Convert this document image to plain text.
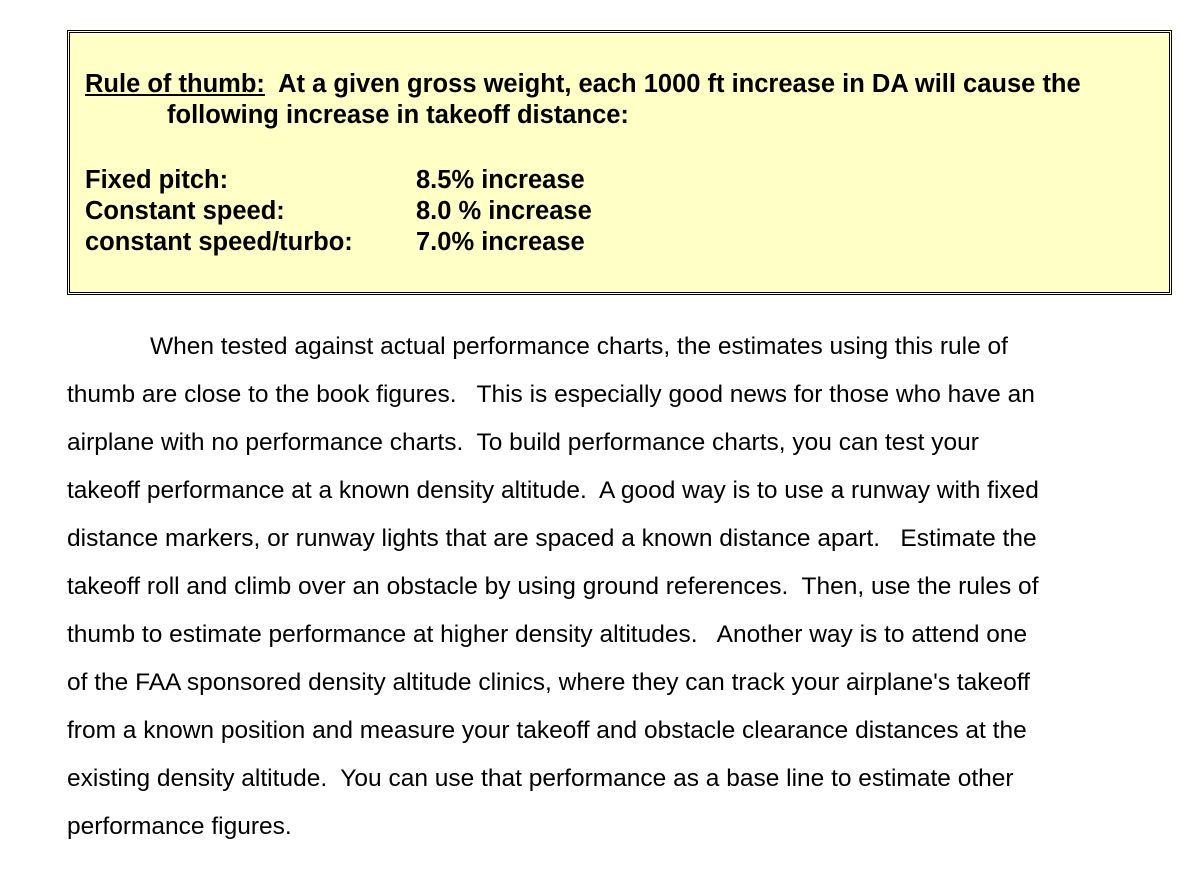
Rule of thumb:  At a given gross weight, each 1000 ft increase in DA will cause the
following increase in takeoff distance:
Fixed pitch:	8.5% increase
Constant speed:	8.0 % increase
constant speed/turbo:	7.0% increase
When tested against actual performance charts, the estimates using this rule of
thumb are close to the book figures.   This is especially good news for those who have an
airplane with no performance charts.  To build performance charts, you can test your
takeoff performance at a known density altitude.  A good way is to use a runway with fixed
distance markers, or runway lights that are spaced a known distance apart.   Estimate the
takeoff roll and climb over an obstacle by using ground references.  Then, use the rules of
thumb to estimate performance at higher density altitudes.   Another way is to attend one
of the FAA sponsored density altitude clinics, where they can track your airplane's takeoff
from a known position and measure your takeoff and obstacle clearance distances at the
existing density altitude.  You can use that performance as a base line to estimate other
performance figures.
